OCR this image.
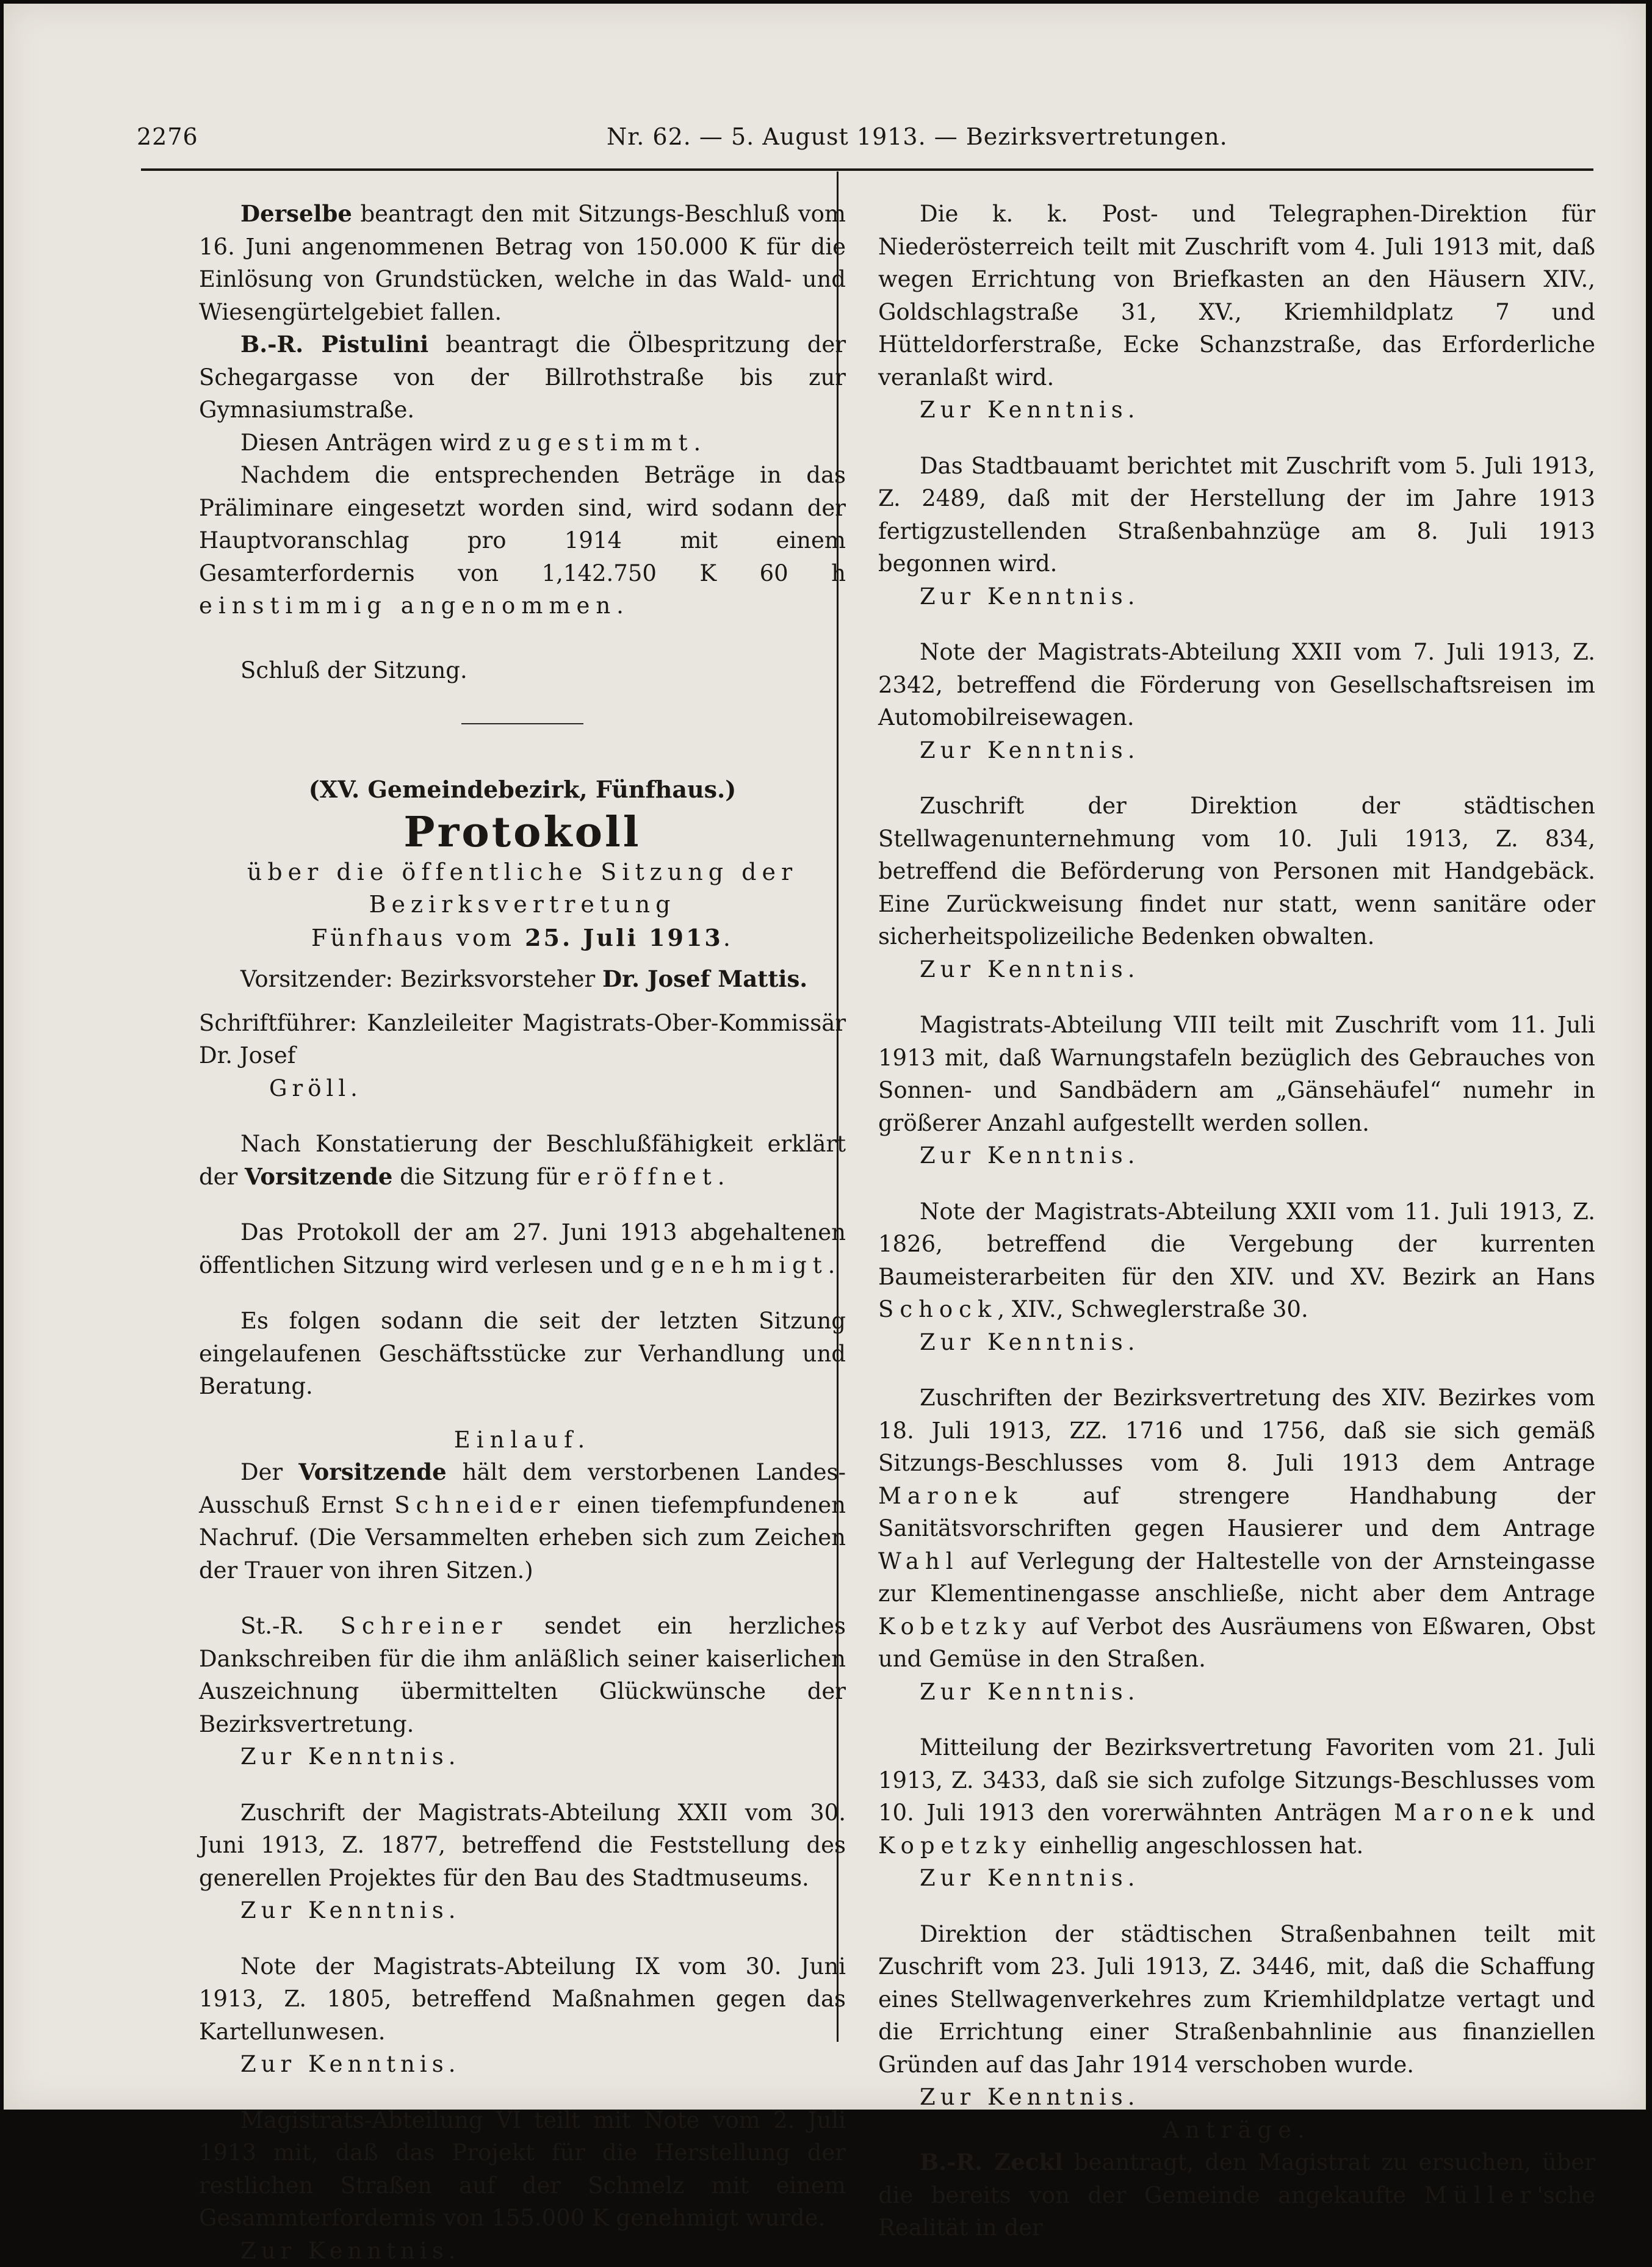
2276	Nr. 62. — 5. August 1913. — Bezirksvertretungen.

Derselbe beantragt den mit Sitzungs-Beschluß vom 16. Juni angenommenen Betrag von 150.000 K für die Einlösung von Grundstücken, welche in das Wald- und Wiesengürtelgebiet fallen.

B.-R. Pistulini beantragt die Ölbespritzung der Schegargasse von der Billrothstraße bis zur Gymnasiumstraße.

Diesen Anträgen wird zugestimmt.

Nachdem die entsprechenden Beträge in das Präliminare eingesetzt worden sind, wird sodann der Hauptvoranschlag pro 1914 mit einem Gesamterfordernis von 1,142.750 K 60 h einstimmig angenommen.

Schluß der Sitzung.

(XV. Gemeindebezirk, Fünfhaus.)
Protokoll
über die öffentliche Sitzung der Bezirksvertretung
Fünfhaus vom 25. Juli 1913.

Vorsitzender: Bezirksvorsteher Dr. Josef Mattis.

Schriftführer: Kanzleileiter Magistrats-Ober-Kommissär Dr. Josef
Gröll.

Nach Konstatierung der Beschlußfähigkeit erklärt der Vorsitzende die Sitzung für eröffnet.

Das Protokoll der am 27. Juni 1913 abgehaltenen öffentlichen Sitzung wird verlesen und genehmigt.

Es folgen sodann die seit der letzten Sitzung eingelaufenen Geschäftsstücke zur Verhandlung und Beratung.

Einlauf.

Der Vorsitzende hält dem verstorbenen Landes-Ausschuß Ernst Schneider einen tiefempfundenen Nachruf. (Die Versammelten erheben sich zum Zeichen der Trauer von ihren Sitzen.)

St.-R. Schreiner sendet ein herzliches Dankschreiben für die ihm anläßlich seiner kaiserlichen Auszeichnung übermittelten Glückwünsche der Bezirksvertretung.

Zur Kenntnis.

Zuschrift der Magistrats-Abteilung XXII vom 30. Juni 1913, Z. 1877, betreffend die Feststellung des generellen Projektes für den Bau des Stadtmuseums.

Zur Kenntnis.

Note der Magistrats-Abteilung IX vom 30. Juni 1913, Z. 1805, betreffend Maßnahmen gegen das Kartellunwesen.

Zur Kenntnis.

Magistrats-Abteilung VI teilt mit Note vom 2. Juli 1913 mit, daß das Projekt für die Herstellung der restlichen Straßen auf der Schmelz mit einem Gesammterfordernis von 155.000 K genehmigt wurde.

Zur Kenntnis.

Die k. k. Post- und Telegraphen-Direktion für Niederösterreich teilt mit Zuschrift vom 4. Juli 1913 mit, daß wegen Errichtung von Briefkasten an den Häusern XIV., Goldschlagstraße 31, XV., Kriemhildplatz 7 und Hütteldorferstraße, Ecke Schanzstraße, das Erforderliche veranlaßt wird.

Zur Kenntnis.

Das Stadtbauamt berichtet mit Zuschrift vom 5. Juli 1913, Z. 2489, daß mit der Herstellung der im Jahre 1913 fertigzustellenden Straßenbahnzüge am 8. Juli 1913 begonnen wird.

Zur Kenntnis.

Note der Magistrats-Abteilung XXII vom 7. Juli 1913, Z. 2342, betreffend die Förderung von Gesellschaftsreisen im Automobilreisewagen.

Zur Kenntnis.

Zuschrift der Direktion der städtischen Stellwagenunternehmung vom 10. Juli 1913, Z. 834, betreffend die Beförderung von Personen mit Handgebäck. Eine Zurückweisung findet nur statt, wenn sanitäre oder sicherheitspolizeiliche Bedenken obwalten.

Zur Kenntnis.

Magistrats-Abteilung VIII teilt mit Zuschrift vom 11. Juli 1913 mit, daß Warnungstafeln bezüglich des Gebrauches von Sonnen- und Sandbädern am „Gänsehäufel“ numehr in größerer Anzahl aufgestellt werden sollen.

Zur Kenntnis.

Note der Magistrats-Abteilung XXII vom 11. Juli 1913, Z. 1826, betreffend die Vergebung der kurrenten Baumeisterarbeiten für den XIV. und XV. Bezirk an Hans Schock, XIV., Schweglerstraße 30.

Zur Kenntnis.

Zuschriften der Bezirksvertretung des XIV. Bezirkes vom 18. Juli 1913, ZZ. 1716 und 1756, daß sie sich gemäß Sitzungs-Beschlusses vom 8. Juli 1913 dem Antrage Maronek auf strengere Handhabung der Sanitätsvorschriften gegen Hausierer und dem Antrage Wahl auf Verlegung der Haltestelle von der Arnsteingasse zur Klementinengasse anschließe, nicht aber dem Antrage Kobetzky auf Verbot des Ausräumens von Eßwaren, Obst und Gemüse in den Straßen.

Zur Kenntnis.

Mitteilung der Bezirksvertretung Favoriten vom 21. Juli 1913, Z. 3433, daß sie sich zufolge Sitzungs-Beschlusses vom 10. Juli 1913 den vorerwähnten Anträgen Maronek und Kopetzky einhellig angeschlossen hat.

Zur Kenntnis.

Direktion der städtischen Straßenbahnen teilt mit Zuschrift vom 23. Juli 1913, Z. 3446, mit, daß die Schaffung eines Stellwagenverkehres zum Kriemhildplatze vertagt und die Errichtung einer Straßenbahnlinie aus finanziellen Gründen auf das Jahr 1914 verschoben wurde.

Zur Kenntnis.

Anträge.

B.-R. Zeckl beantragt, den Magistrat zu ersuchen, über die bereits von der Gemeinde angekaufte Müller'sche Realität in der
